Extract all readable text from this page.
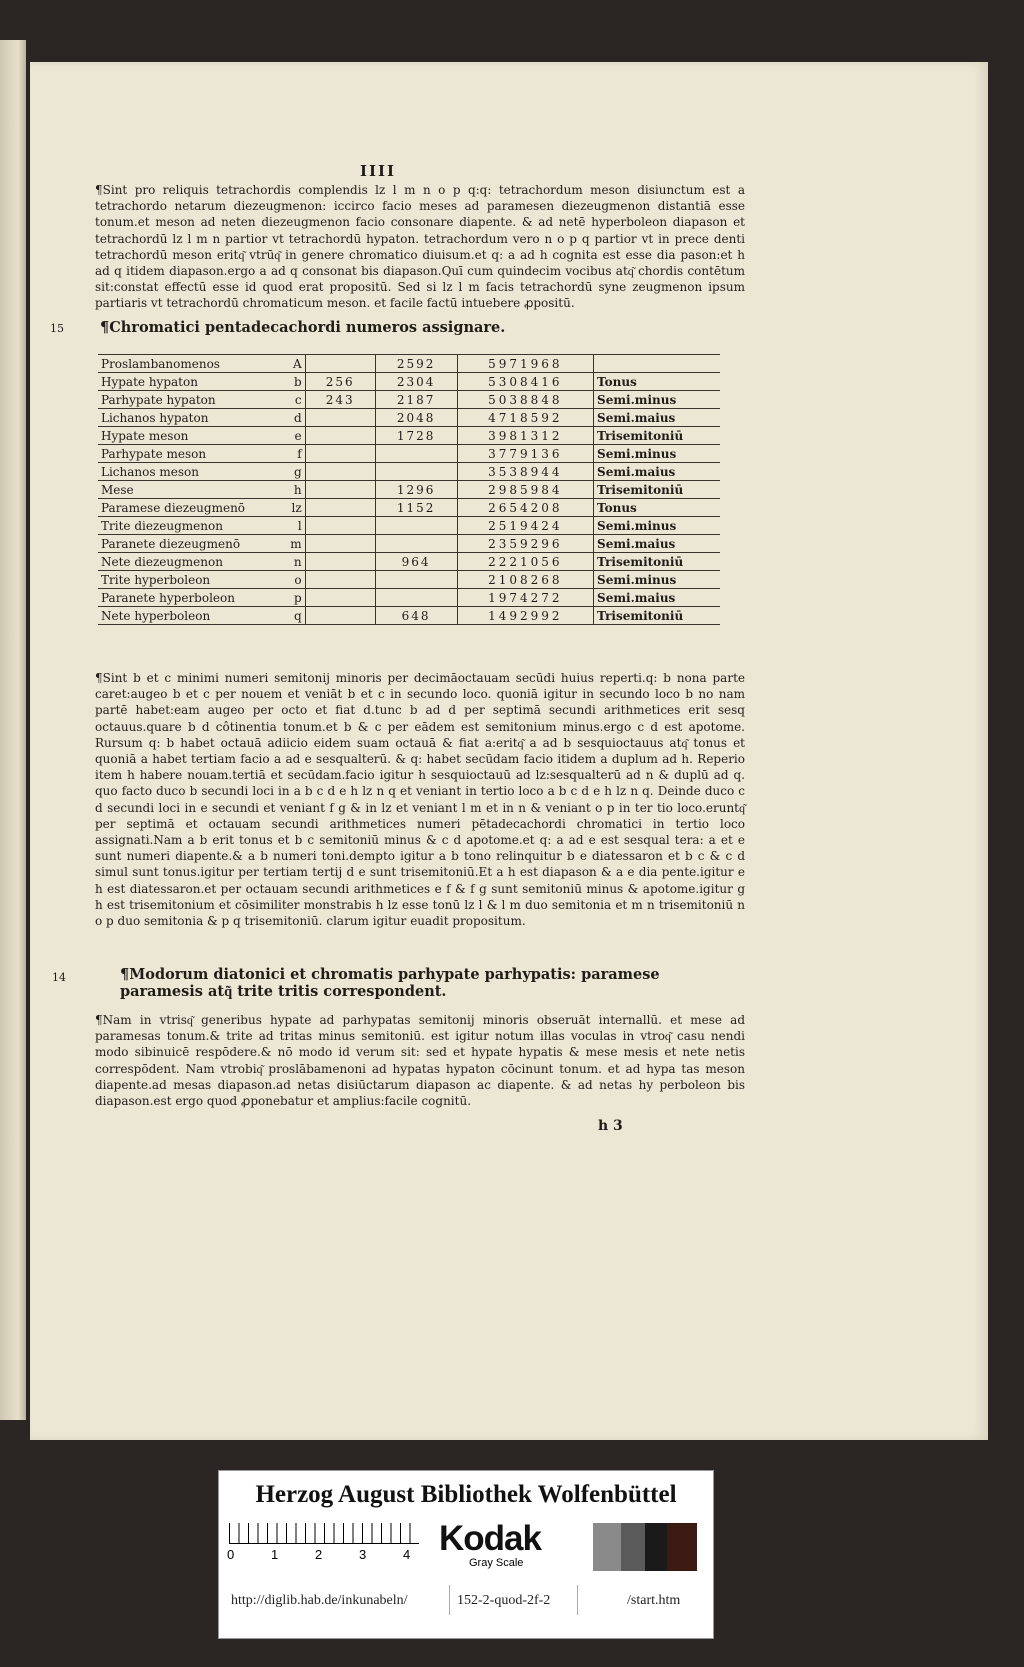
IIII

¶Sint pro reliquis tetrachordis complendis lz l m n o p q:q: tetrachordum meson disiunctum est a tetrachordo netarum diezeugmenon: iccirco facio meses ad paramesen diezeugmenon distantiā esse tonum.et meson ad neten diezeugmenon facio consonare diapente. & ad netē hyperboleon diapason et tetrachordū lz l m n partior vt tetrachordū hypaton. tetrachordum vero n o p q partior vt in prece denti tetrachordū meson eritq͂ vtrūq͂ in genere chromatico diuisum.et q: a ad h cognita est esse dia pason:et h ad q itidem diapason.ergo a ad q consonat bis diapason.Quī cum quindecim vocibus atq͂ chordis contētum sit:constat effectū esse id quod erat propositū. Sed si lz l m facis tetrachordū syne zeugmenon ipsum partiaris vt tetrachordū chromaticum meson. et facile factū intuebere ꝓpositū.

15 ¶Chromatici pentadecachordi numeros assignare.
Proslambanomenos	A		2592	5971968	
Hypate hypaton	b	256	2304	5308416	Tonus
Parhypate hypaton	c	243	2187	5038848	Semi.minus
Lichanos hypaton	d		2048	4718592	Semi.maius
Hypate meson	e		1728	3981312	Trisemitoniū
Parhypate meson	f			3779136	Semi.minus
Lichanos meson	g			3538944	Semi.maius
Mese	h		1296	2985984	Trisemitoniū
Paramese diezeugmenō	lz		1152	2654208	Tonus
Trite diezeugmenon	l			2519424	Semi.minus
Paranete diezeugmenō	m			2359296	Semi.maius
Nete diezeugmenon	n		964	2221056	Trisemitoniū
Trite hyperboleon	o			2108268	Semi.minus
Paranete hyperboleon	p			1974272	Semi.maius
Nete hyperboleon	q		648	1492992	Trisemitoniū

¶Sint b et c minimi numeri semitonij minoris per decimāoctauam secūdi huius reperti.q: b nona parte caret:augeo b et c per nouem et veniāt b et c in secundo loco. quoniā igitur in secundo loco b no nam partē habet:eam augeo per octo et fiat d.tunc b ad d per septimā secundi arithmetices erit sesq octauus.quare b d côtinentia tonum.et b & c per eādem est semitonium minus.ergo c d est apotome. Rursum q: b habet octauā adiicio eidem suam octauā & fiat a:eritq͂ a ad b sesquioctauus atq͂ tonus et quoniā a habet tertiam facio a ad e sesqualterū. & q: habet secūdam facio itidem a duplum ad h. Reperio item h habere nouam.tertiā et secūdam.facio igitur h sesquioctauū ad lz:sesqualterū ad n & duplū ad q. quo facto duco b secundi loci in a b c d e h lz n q et veniant in tertio loco a b c d e h lz n q. Deinde duco c d secundi loci in e secundi et veniant f g & in lz et veniant l m et in n & veniant o p in ter tio loco.eruntq͂ per septimā et octauam secundi arithmetices numeri pētadecachordi chromatici in tertio loco assignati.Nam a b erit tonus et b c semitoniū minus & c d apotome.et q: a ad e est sesqual tera: a et e sunt numeri diapente.& a b numeri toni.dempto igitur a b tono relinquitur b e diatessaron et b c & c d simul sunt tonus.igitur per tertiam tertij d e sunt trisemitoniū.Et a h est diapason & a e dia pente.igitur e h est diatessaron.et per octauam secundi arithmetices e f & f g sunt semitoniū minus & apotome.igitur g h est trisemitonium et cōsimiliter monstrabis h lz esse tonū lz l & l m duo semitonia et m n trisemitoniū n o p duo semitonia & p q trisemitoniū. clarum igitur euadit propositum.

14	¶Modorum diatonici et chromatis parhypate parhypatis: paramese paramesis atq͂ trite tritis correspondent.

¶Nam in vtrisq͂ generibus hypate ad parhypatas semitonij minoris obseruāt internallū. et mese ad paramesas tonum.& trite ad tritas minus semitoniū. est igitur notum illas voculas in vtroq͂ casu nendi modo sibinuicē respōdere.& nō modo id verum sit: sed et hypate hypatis & mese mesis et nete netis correspōdent. Nam vtrobiq͂ proslābamenoni ad hypatas hypaton cōcinunt tonum. et ad hypa tas meson diapente.ad mesas diapason.ad netas disiūctarum diapason ac diapente. & ad netas hy perboleon bis diapason.est ergo quod ꝓponebatur et amplius:facile cognitū.

h 3
Herzog August Bibliothek Wolfenbüttel
0	1	2	3	4 Kodak
Gray Scale
http://diglib.hab.de/inkunabeln/	152-2-quod-2f-2	/start.htm
